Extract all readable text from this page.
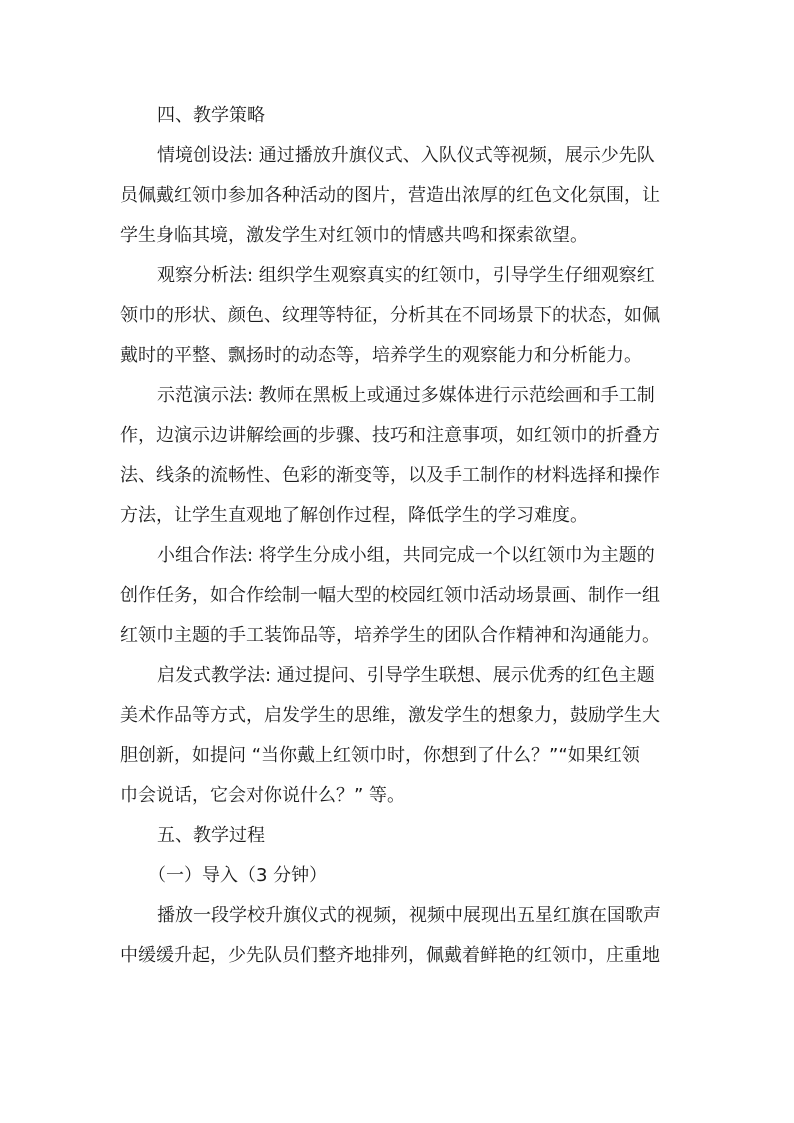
四、教学策略
情境创设法: 通过播放升旗仪式、入队仪式等视频，展示少先队
员佩戴红领巾参加各种活动的图片，营造出浓厚的红色文化氛围，让
学生身临其境，激发学生对红领巾的情感共鸣和探索欲望。
观察分析法: 组织学生观察真实的红领巾，引导学生仔细观察红
领巾的形状、颜色、纹理等特征，分析其在不同场景下的状态，如佩
戴时的平整、飘扬时的动态等，培养学生的观察能力和分析能力。
示范演示法: 教师在黑板上或通过多媒体进行示范绘画和手工制
作，边演示边讲解绘画的步骤、技巧和注意事项，如红领巾的折叠方
法、线条的流畅性、色彩的渐变等，以及手工制作的材料选择和操作
方法，让学生直观地了解创作过程，降低学生的学习难度。
小组合作法: 将学生分成小组，共同完成一个以红领巾为主题的
创作任务，如合作绘制一幅大型的校园红领巾活动场景画、制作一组
红领巾主题的手工装饰品等，培养学生的团队合作精神和沟通能力。
启发式教学法: 通过提问、引导学生联想、展示优秀的红色主题
美术作品等方式，启发学生的思维，激发学生的想象力，鼓励学生大
胆创新，如提问 “当你戴上红领巾时，你想到了什么？”“如果红领
巾会说话，它会对你说什么？” 等。
五、教学过程
（一）导入（3 分钟）
播放一段学校升旗仪式的视频，视频中展现出五星红旗在国歌声
中缓缓升起，少先队员们整齐地排列，佩戴着鲜艳的红领巾，庄重地
